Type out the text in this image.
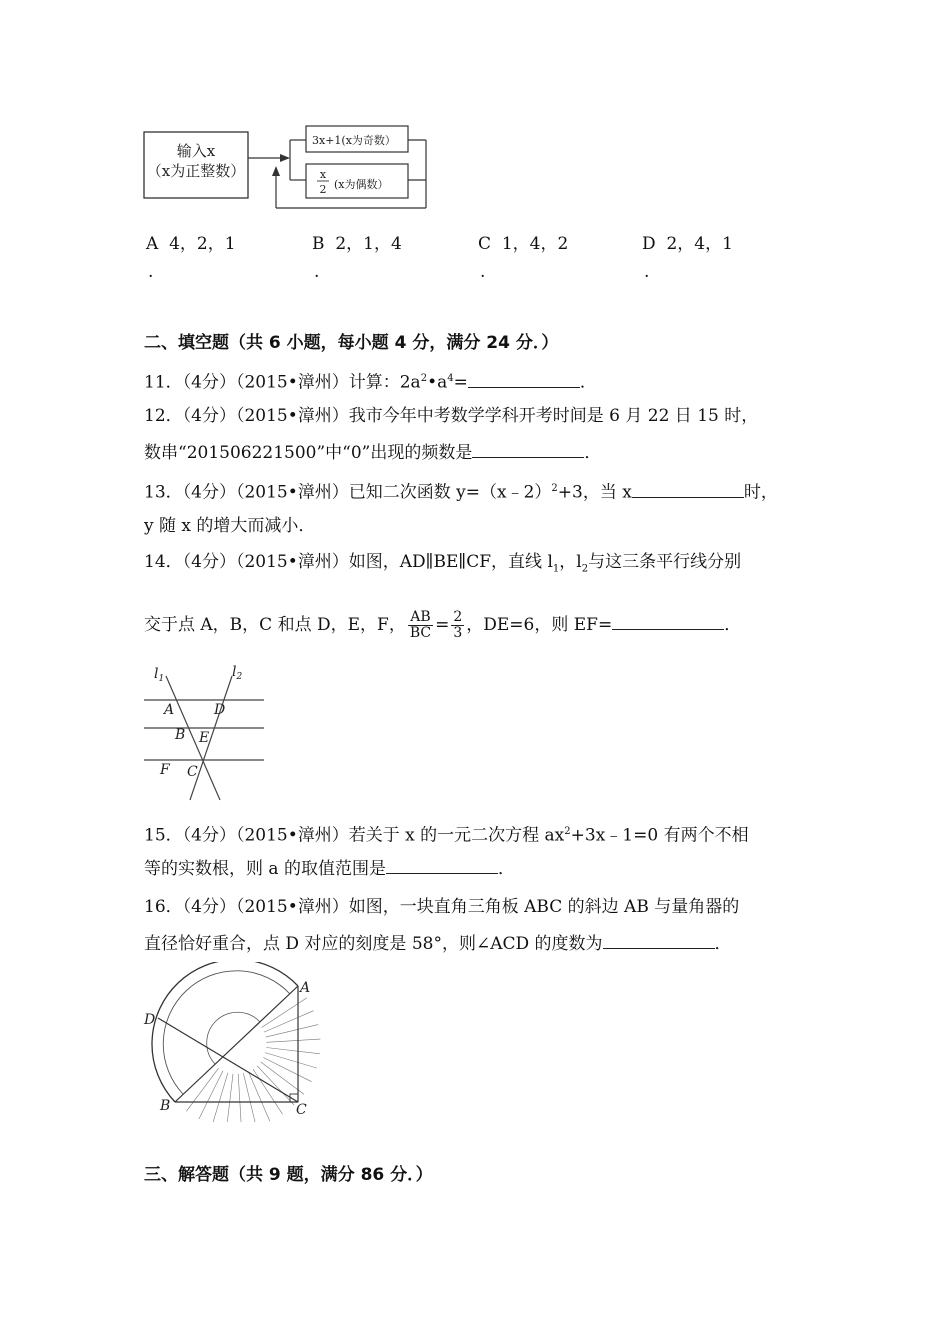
输入x
（x为正整数）
3x+1(x为奇数）
x
2 (x为偶数）
A 4，2，1
.
B 2，1，4
.
C 1，4，2
.
D 2，4，1
.
二、填空题（共 6 小题，每小题 4 分，满分 24 分．）
11．（4分）（2015•漳州）计算：$2a^2•a^4=$	．
12．（4分）（2015•漳州）我市今年中考数学学科开考时间是 6 月 22 日 15 时，
数串“201506221500”中“0”出现的频数是	．
13．（4分）（2015•漳州）已知二次函数 y=（x﹣2）$^2$+3，当 x	时，
y 随 x 的增大而减小．
14．（4分）（2015•漳州）如图，AD∥BE∥CF，直线 $l_1$，$l_2$与这三条平行线分别
交于点 A，B，C 和点 D，E，F， $\frac{AB}{BC} = \frac{2}{3}$ ，DE=6，则 EF=	．
$l_1$	$l_2$
A	D
B E
F C
15．（4分）（2015•漳州）若关于 x 的一元二次方程 $ax^2+3x﹣1=0$ 有两个不相
等的实数根，则 a 的取值范围是	．
16．（4分）（2015•漳州）如图，一块直角三角板 ABC 的斜边 AB 与量角器的
直径恰好重合，点 D 对应的刻度是 58°，则∠ACD 的度数为	．
A
B	C
D
三、解答题（共 9 题，满分 86 分．）
